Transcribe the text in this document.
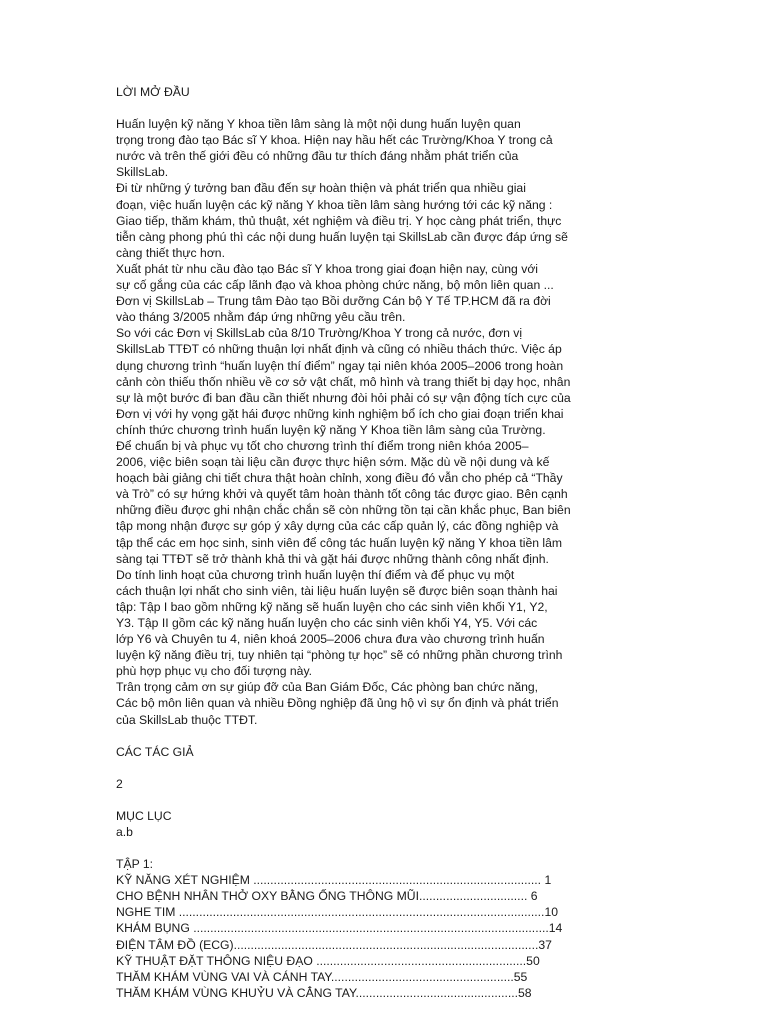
LỜI MỞ ĐẦU
Huấn luyện kỹ năng Y khoa tiền lâm sàng là một nội dung huấn luyện quan
trọng trong đào tạo Bác sĩ Y khoa. Hiện nay hầu hết các Trường/Khoa Y trong cả
nước và trên thế giới đều có những đầu tư thích đáng nhằm phát triển của
SkillsLab.
Đi từ những ý tưởng ban đầu đến sự hoàn thiện và phát triển qua nhiều giai
đoạn, việc huấn luyện các kỹ năng Y khoa tiền lâm sàng hướng tới các kỹ năng :
Giao tiếp, thăm khám, thủ thuật, xét nghiệm và điều trị. Y học càng phát triển, thực
tiễn càng phong phú thì các nội dung huấn luyện tại SkillsLab cần được đáp ứng sẽ
càng thiết thực hơn.
Xuất phát từ nhu cầu đào tạo Bác sĩ Y khoa trong giai đoạn hiện nay, cùng với
sự cố gắng của các cấp lãnh đạo và khoa phòng chức năng, bộ môn liên quan ...
Đơn vị SkillsLab – Trung tâm Đào tạo Bồi dưỡng Cán bộ Y Tế TP.HCM đã ra đời
vào tháng 3/2005 nhằm đáp ứng những yêu cầu trên.
So với các Đơn vị SkillsLab của 8/10 Trường/Khoa Y trong cả nước, đơn vị
SkillsLab TTĐT có những thuận lợi nhất định và cũng có nhiều thách thức. Việc áp
dụng chương trình “huấn luyện thí điểm” ngay tại niên khóa 2005–2006 trong hoàn
cảnh còn thiếu thốn nhiều về cơ sở vật chất, mô hình và trang thiết bị dạy học, nhân
sự là một bước đi ban đầu cần thiết nhưng đòi hỏi phải có sự vận động tích cực của
Đơn vị với hy vọng gặt hái được những kinh nghiệm bổ ích cho giai đoạn triển khai
chính thức chương trình huấn luyện kỹ năng Y Khoa tiền lâm sàng của Trường.
Để chuẩn bị và phục vụ tốt cho chương trình thí điểm trong niên khóa 2005–
2006, việc biên soạn tài liệu cần được thực hiện sớm. Mặc dù về nội dung và kế
hoạch bài giảng chi tiết chưa thật hoàn chỉnh, xong điều đó vẫn cho phép cả “Thầy
và Trò” có sự hứng khởi và quyết tâm hoàn thành tốt công tác được giao. Bên cạnh
những điều được ghi nhận chắc chắn sẽ còn những tồn tại cần khắc phục, Ban biên
tập mong nhận được sự góp ý xây dựng của các cấp quản lý, các đồng nghiệp và
tập thể các em học sinh, sinh viên để công tác huấn luyện kỹ năng Y khoa tiền lâm
sàng tại TTĐT sẽ trở thành khả thi và gặt hái được những thành công nhất định.
Do tính linh hoạt của chương trình huấn luyện thí điểm và để phục vụ một
cách thuận lợi nhất cho sinh viên, tài liệu huấn luyện sẽ được biên soạn thành hai
tập: Tập I bao gồm những kỹ năng sẽ huấn luyện cho các sinh viên khối Y1, Y2,
Y3. Tập II gồm các kỹ năng huấn luyện cho các sinh viên khối Y4, Y5. Với các
lớp Y6 và Chuyên tu 4, niên khoá 2005–2006 chưa đưa vào chương trình huấn
luyện kỹ năng điều trị, tuy nhiên tại “phòng tự học” sẽ có những phần chương trình
phù hợp phục vụ cho đối tượng này.
Trân trọng cảm ơn sự giúp đỡ của Ban Giám Đốc, Các phòng ban chức năng,
Các bộ môn liên quan và nhiều Đồng nghiệp đã ủng hộ vì sự ổn định và phát triển
của SkillsLab thuộc TTĐT.
CÁC TÁC GIẢ
2
MỤC LỤC
a.b
TẬP 1:
KỸ NĂNG XÉT NGHIỆM ..................................................................................... 1
CHO BỆNH NHÂN THỞ OXY BẰNG ỐNG THÔNG MŨI................................ 6
NGHE TIM ............................................................................................................10
KHÁM BỤNG .........................................................................................................14
ĐIỆN TÂM ĐỒ (ECG)..........................................................................................37
KỸ THUẬT ĐẶT THÔNG NIỆU ĐẠO ..............................................................50
THĂM KHÁM VÙNG VAI VÀ CÁNH TAY......................................................55
THĂM KHÁM VÙNG KHUỶU VÀ CẲNG TAY................................................58
